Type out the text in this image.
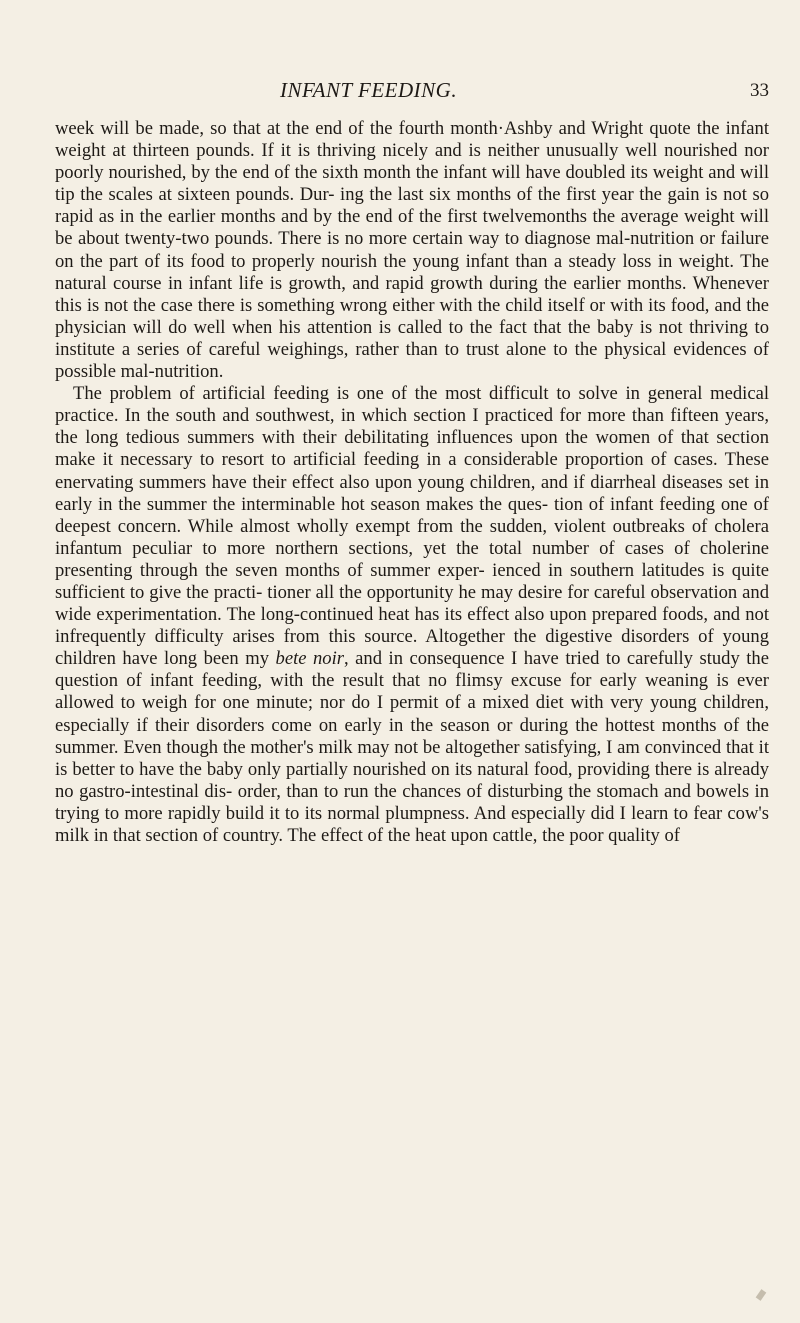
INFANT FEEDING.	33

week will be made, so that at the end of the fourth month·Ashby and Wright quote the infant weight at thirteen pounds. If it is thriving nicely and is neither unusually well nourished nor poorly nourished, by the end of the sixth month the infant will have doubled its weight and will tip the scales at sixteen pounds. Dur- ing the last six months of the first year the gain is not so rapid as in the earlier months and by the end of the first twelvemonths the average weight will be about twenty-two pounds. There is no more certain way to diagnose mal-nutrition or failure on the part of its food to properly nourish the young infant than a steady loss in weight. The natural course in infant life is growth, and rapid growth during the earlier months. Whenever this is not the case there is something wrong either with the child itself or with its food, and the physician will do well when his attention is called to the fact that the baby is not thriving to institute a series of careful weighings, rather than to trust alone to the physical evidences of possible mal-nutrition.

The problem of artificial feeding is one of the most difficult to solve in general medical practice. In the south and southwest, in which section I practiced for more than fifteen years, the long tedious summers with their debilitating influences upon the women of that section make it necessary to resort to artificial feeding in a considerable proportion of cases. These enervating summers have their effect also upon young children, and if diarrheal diseases set in early in the summer the interminable hot season makes the ques- tion of infant feeding one of deepest concern. While almost wholly exempt from the sudden, violent outbreaks of cholera infantum peculiar to more northern sections, yet the total number of cases of cholerine presenting through the seven months of summer exper- ienced in southern latitudes is quite sufficient to give the practi- tioner all the opportunity he may desire for careful observation and wide experimentation. The long-continued heat has its effect also upon prepared foods, and not infrequently difficulty arises from this source. Altogether the digestive disorders of young children have long been my bete noir, and in consequence I have tried to carefully study the question of infant feeding, with the result that no flimsy excuse for early weaning is ever allowed to weigh for one minute; nor do I permit of a mixed diet with very young children, especially if their disorders come on early in the season or during the hottest months of the summer. Even though the mother's milk may not be altogether satisfying, I am convinced that it is better to have the baby only partially nourished on its natural food, providing there is already no gastro-intestinal dis- order, than to run the chances of disturbing the stomach and bowels in trying to more rapidly build it to its normal plumpness. And especially did I learn to fear cow's milk in that section of country. The effect of the heat upon cattle, the poor quality of
